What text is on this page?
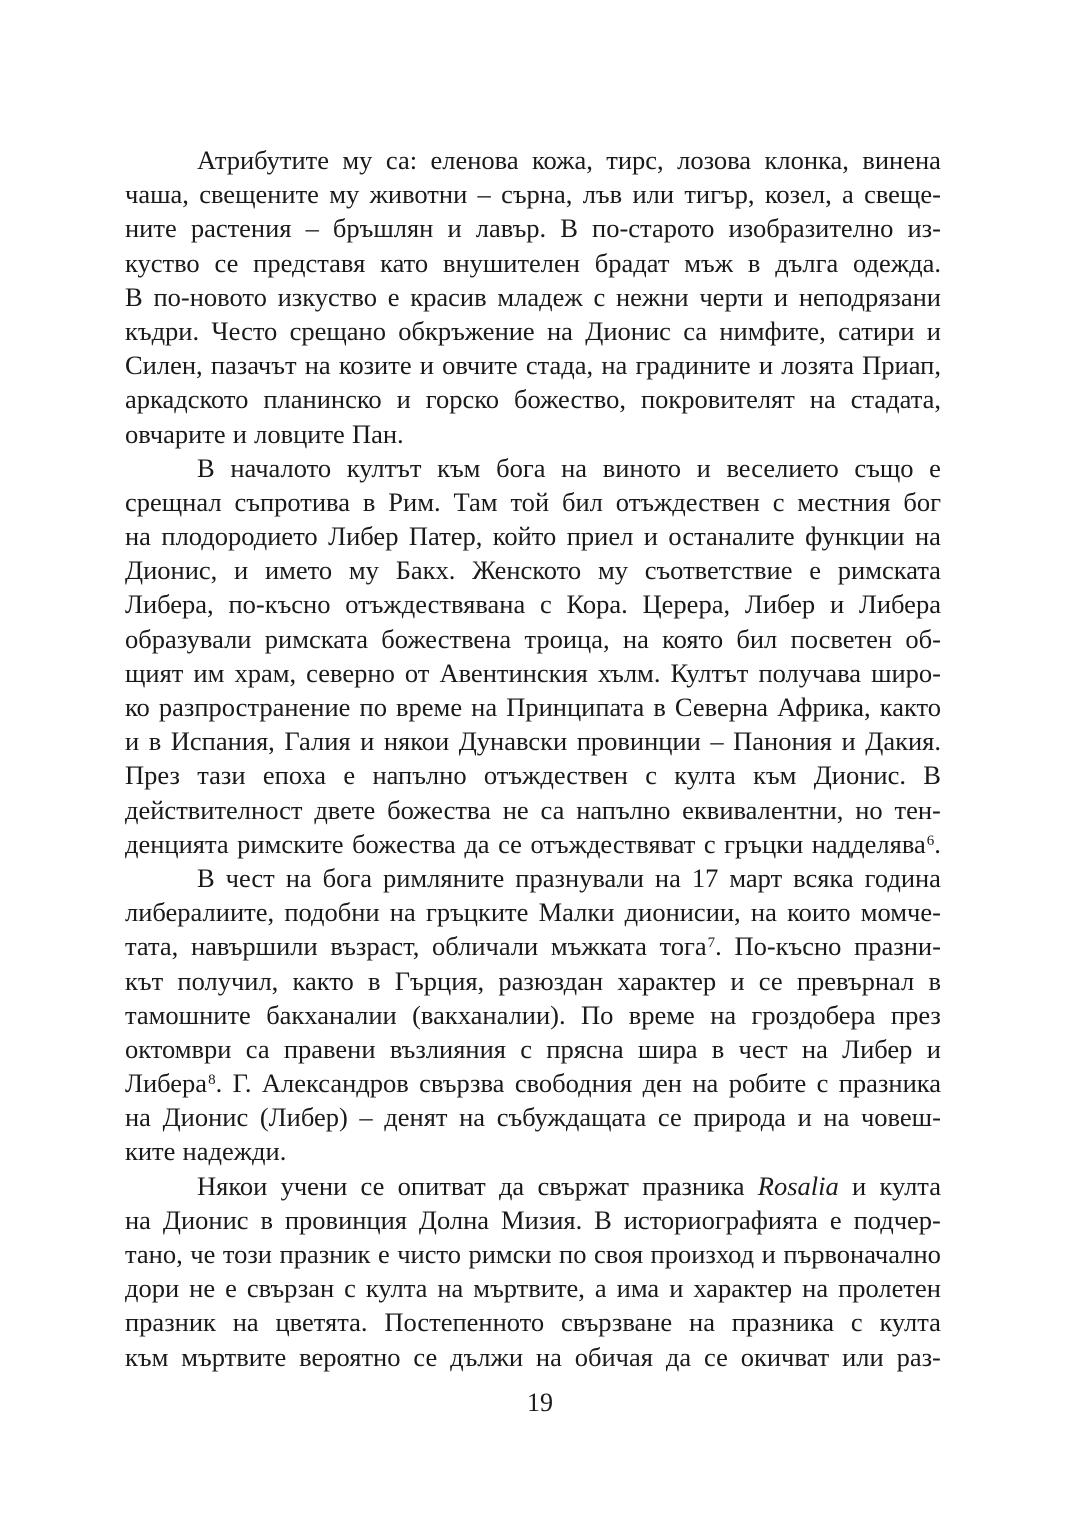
Атрибутите му са: еленова кожа, тирс, лозова клонка, винена
чаша, свещените му животни – сърна, лъв или тигър, козел, а свеще-
ните растения – бръшлян и лавър. В по-старото изобразително из-
куство се представя като внушителен брадат мъж в дълга одежда.
В по-новото изкуство е красив младеж с нежни черти и неподрязани
къдри. Често срещано обкръжение на Дионис са нимфите, сатири и
Силен, пазачът на козите и овчите стада, на градините и лозята Приап,
аркадското планинско и горско божество, покровителят на стадата,
овчарите и ловците Пан.
В началото култът към бога на виното и веселието също е
срещнал съпротива в Рим. Там той бил отъждествен с местния бог
на плодородието Либер Патер, който приел и останалите функции на
Дионис, и името му Бакх. Женското му съответствие е римската
Либера, по-късно отъждествявана с Кора. Церера, Либер и Либера
образували римската божествена троица, на която бил посветен об-
щият им храм, северно от Авентинския хълм. Култът получава широ-
ко разпространение по време на Принципата в Северна Африка, както
и в Испания, Галия и някои Дунавски провинции – Панония и Дакия.
През тази епоха е напълно отъждествен с култа към Дионис. В
действителност двете божества не са напълно еквивалентни, но тен-
денцията римските божества да се отъждествяват с гръцки надделява6.
В чест на бога римляните празнували на 17 март всяка година
либералиите, подобни на гръцките Малки дионисии, на които момче-
тата, навършили възраст, обличали мъжката тога7. По-късно празни-
кът получил, както в Гърция, разюздан характер и се превърнал в
тамошните бакханалии (вакханалии). По време на гроздобера през
октомври са правени възлияния с прясна шира в чест на Либер и
Либера8. Г. Александров свързва свободния ден на робите с празника
на Дионис (Либер) – денят на събуждащата се природа и на човеш-
ките надежди.
Някои учени се опитват да свържат празника Rosalia и култа
на Дионис в провинция Долна Мизия. В историографията е подчер-
тано, че този празник е чисто римски по своя произход и първоначално
дори не е свързан с култа на мъртвите, а има и характер на пролетен
празник на цветята. Постепенното свързване на празника с култа
към мъртвите вероятно се дължи на обичая да се окичват или раз-
19
